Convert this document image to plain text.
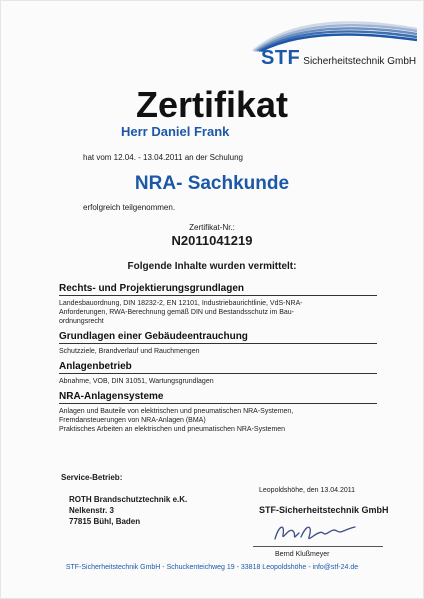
STF Sicherheitstechnik GmbH
Zertifikat
Herr Daniel Frank
hat vom 12.04. - 13.04.2011 an der Schulung
NRA- Sachkunde
erfolgreich teilgenommen.
Zertifikat-Nr.:
N2011041219
Folgende Inhalte wurden vermittelt:
Rechts- und Projektierungsgrundlagen
Landesbauordnung, DIN 18232-2, EN 12101, Industriebaurichtlinie, VdS-NRA-
Anforderungen, RWA-Berechnung gemäß DIN und Bestandsschutz im Bau-
ordnungsrecht
Grundlagen einer Gebäudeentrauchung
Schutzziele, Brandverlauf und Rauchmengen
Anlagenbetrieb
Abnahme, VOB, DIN 31051, Wartungsgrundlagen
NRA-Anlagensysteme
Anlagen und Bauteile von elektrischen und pneumatischen NRA-Systemen,
Fremdansteuerungen von NRA-Anlagen (BMA)
Praktisches Arbeiten an elektrischen und pneumatischen NRA-Systemen
Service-Betrieb:
ROTH Brandschutztechnik e.K.
Nelkenstr. 3
77815 Bühl, Baden
Leopoldshöhe, den 13.04.2011
STF-Sicherheitstechnik GmbH
Bernd Klußmeyer
STF-Sicherheitstechnik GmbH - Schuckenteichweg 19 - 33818 Leopoldshöhe - info@stf-24.de
